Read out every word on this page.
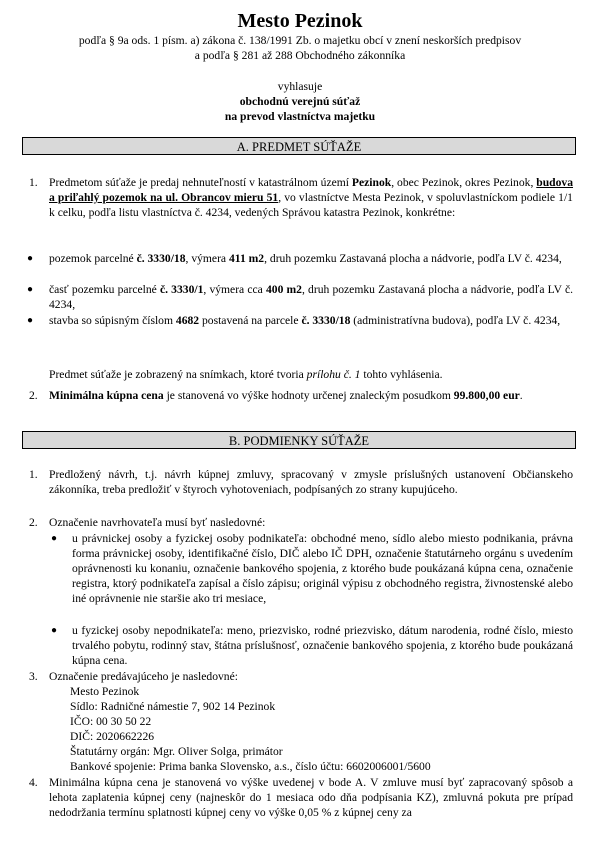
Mesto Pezinok
podľa § 9a ods. 1 písm. a) zákona č. 138/1991 Zb. o majetku obcí v znení neskorších predpisov
a podľa § 281 až 288 Obchodného zákonníka
vyhlasuje
obchodnú verejnú súťaž
na prevod vlastníctva majetku
A. PREDMET SÚŤAŽE
1. Predmetom súťaže je predaj nehnuteľností v katastrálnom území Pezinok, obec Pezinok, okres Pezinok, budova a priľahlý pozemok na ul. Obrancov mieru 51, vo vlastníctve Mesta Pezinok, v spoluvlastníckom podiele 1/1 k celku, podľa listu vlastníctva č. 4234, vedených Správou katastra Pezinok, konkrétne:
● pozemok parcelné č. 3330/18, výmera 411 m2, druh pozemku Zastavaná plocha a nádvorie, podľa LV č. 4234,
● časť pozemku parcelné č. 3330/1, výmera cca 400 m2, druh pozemku Zastavaná plocha a nádvorie, podľa LV č. 4234,
● stavba so súpisným číslom 4682 postavená na parcele č. 3330/18 (administratívna budova), podľa LV č. 4234,
Predmet súťaže je zobrazený na snímkach, ktoré tvoria prílohu č. 1 tohto vyhlásenia.
2. Minimálna kúpna cena je stanovená vo výške hodnoty určenej znaleckým posudkom 99.800,00 eur.
B. PODMIENKY SÚŤAŽE
1. Predložený návrh, t.j. návrh kúpnej zmluvy, spracovaný v zmysle príslušných ustanovení Občianskeho zákonníka, treba predložiť v štyroch vyhotoveniach, podpísaných zo strany kupujúceho.
2. Označenie navrhovateľa musí byť nasledovné:
● u právnickej osoby a fyzickej osoby podnikateľa: obchodné meno, sídlo alebo miesto podnikania, právna forma právnickej osoby, identifikačné číslo, DIČ alebo IČ DPH, označenie štatutárneho orgánu s uvedením oprávnenosti ku konaniu, označenie bankového spojenia, z ktorého bude poukázaná kúpna cena, označenie registra, ktorý podnikateľa zapísal a číslo zápisu; originál výpisu z obchodného registra, živnostenské alebo iné oprávnenie nie staršie ako tri mesiace,
● u fyzickej osoby nepodnikateľa: meno, priezvisko, rodné priezvisko, dátum narodenia, rodné číslo, miesto trvalého pobytu, rodinný stav, štátna príslušnosť, označenie bankového spojenia, z ktorého bude poukázaná kúpna cena.
3. Označenie predávajúceho je nasledovné:
Mesto Pezinok
Sídlo: Radničné námestie 7, 902 14 Pezinok
IČO: 00 30 50 22
DIČ: 2020662226
Štatutárny orgán: Mgr. Oliver Solga, primátor
Bankové spojenie: Prima banka Slovensko, a.s., číslo účtu: 6602006001/5600
4. Minimálna kúpna cena je stanovená vo výške uvedenej v bode A. V zmluve musí byť zapracovaný spôsob a lehota zaplatenia kúpnej ceny (najneskôr do 1 mesiaca odo dňa podpísania KZ), zmluvná pokuta pre prípad nedodržania termínu splatnosti kúpnej ceny vo výške 0,05 % z kúpnej ceny za
